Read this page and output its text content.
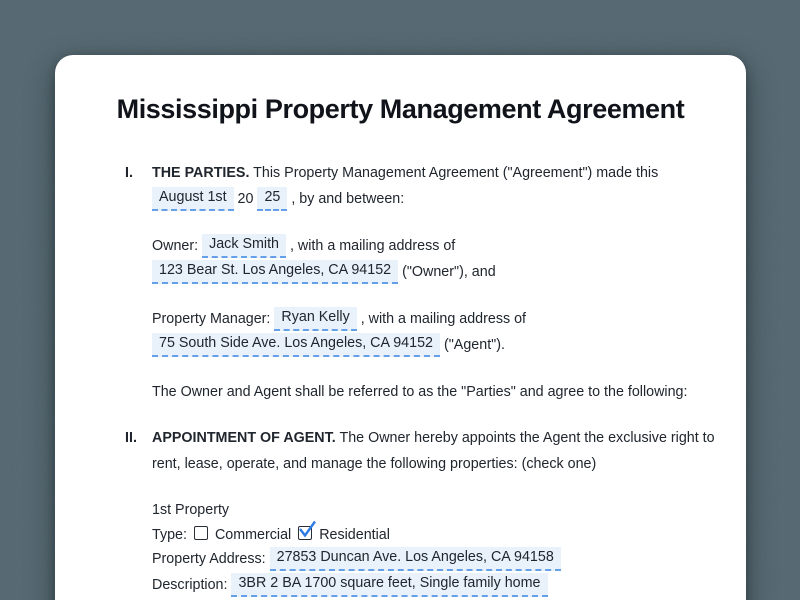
Mississippi Property Management Agreement
I.	THE PARTIES. This Property Management Agreement ("Agreement") made this
August 1st 20 25 , by and between:

Owner: Jack Smith , with a mailing address of
123 Bear St. Los Angeles, CA 94152 ("Owner"), and

Property Manager: Ryan Kelly , with a mailing address of
75 South Side Ave. Los Angeles, CA 94152 ("Agent").

The Owner and Agent shall be referred to as the "Parties" and agree to the following:

II.	APPOINTMENT OF AGENT. The Owner hereby appoints the Agent the exclusive right to rent, lease, operate, and manage the following properties: (check one)

1st Property

Type: Commercial Residential

Property Address: 27853 Duncan Ave. Los Angeles, CA 94158

Description: 3BR 2 BA 1700 square feet, Single family home
